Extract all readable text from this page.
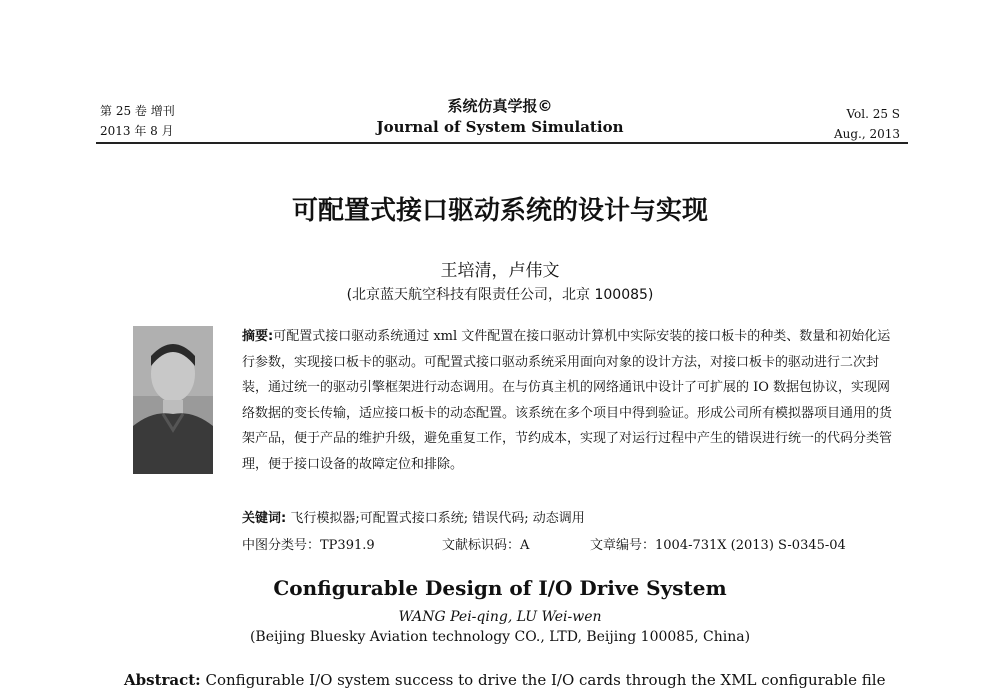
第 25 卷 增刊
2013 年 8 月
系统仿真学报©
Journal of System Simulation
Vol. 25 S
Aug., 2013
可配置式接口驱动系统的设计与实现
王培清，卢伟文
(北京蓝天航空科技有限责任公司，北京 100085)
摘要:可配置式接口驱动系统通过 xml 文件配置在接口驱动计算机中实际安装的接口板卡的种类、数量和初始化运行参数，实现接口板卡的驱动。可配置式接口驱动系统采用面向对象的设计方法，对接口板卡的驱动进行二次封装，通过统一的驱动引擎框架进行动态调用。在与仿真主机的网络通讯中设计了可扩展的 IO 数据包协议，实现网络数据的变长传输，适应接口板卡的动态配置。该系统在多个项目中得到验证。形成公司所有模拟器项目通用的货架产品，便于产品的维护升级，避免重复工作，节约成本，实现了对运行过程中产生的错误进行统一的代码分类管理，便于接口设备的故障定位和排除。
关键词: 飞行模拟器;可配置式接口系统; 错误代码; 动态调用
中图分类号：TP391.9	文献标识码：A	文章编号：1004-731X (2013) S-0345-04
Configurable Design of I/O Drive System
WANG Pei-qing, LU Wei-wen
(Beijing Bluesky Aviation technology CO., LTD, Beijing 100085, China)
Abstract: Configurable I/O system success to drive the I/O cards through the XML configurable file
